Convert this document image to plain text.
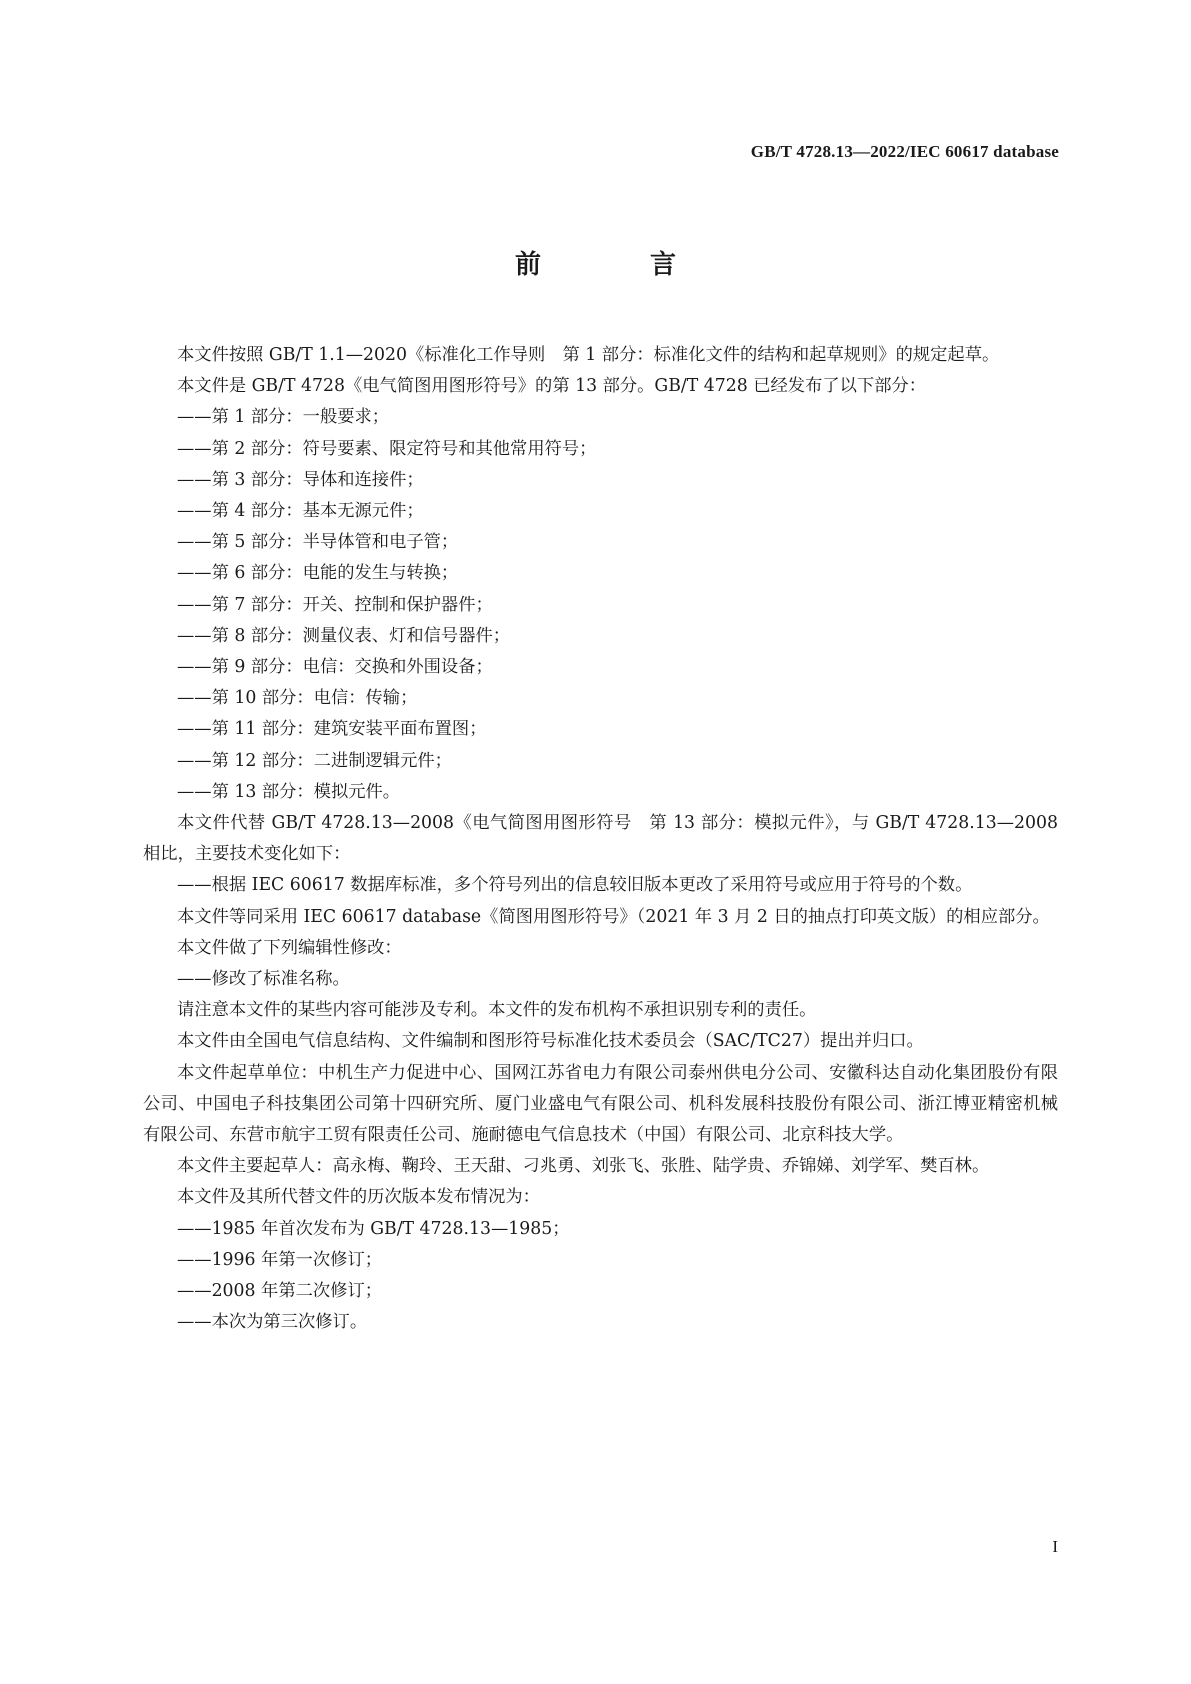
GB/T 4728.13—2022/IEC 60617 database
前 言

本文件按照 GB/T 1.1—2020《标准化工作导则　第 1 部分：标准化文件的结构和起草规则》的规定起草。

本文件是 GB/T 4728《电气简图用图形符号》的第 13 部分。GB/T 4728 已经发布了以下部分：

——第 1 部分：一般要求；

——第 2 部分：符号要素、限定符号和其他常用符号；

——第 3 部分：导体和连接件；

——第 4 部分：基本无源元件；

——第 5 部分：半导体管和电子管；

——第 6 部分：电能的发生与转换；

——第 7 部分：开关、控制和保护器件；

——第 8 部分：测量仪表、灯和信号器件；

——第 9 部分：电信：交换和外围设备；

——第 10 部分：电信：传输；

——第 11 部分：建筑安装平面布置图；

——第 12 部分：二进制逻辑元件；

——第 13 部分：模拟元件。

本文件代替 GB/T 4728.13—2008《电气简图用图形符号　第 13 部分：模拟元件》，与 GB/T 4728.13—2008 相比，主要技术变化如下：

——根据 IEC 60617 数据库标准，多个符号列出的信息较旧版本更改了采用符号或应用于符号的个数。

本文件等同采用 IEC 60617 database《简图用图形符号》（2021 年 3 月 2 日的抽点打印英文版）的相应部分。

本文件做了下列编辑性修改：

——修改了标准名称。

请注意本文件的某些内容可能涉及专利。本文件的发布机构不承担识别专利的责任。

本文件由全国电气信息结构、文件编制和图形符号标准化技术委员会（SAC/TC27）提出并归口。

本文件起草单位：中机生产力促进中心、国网江苏省电力有限公司泰州供电分公司、安徽科达自动化集团股份有限公司、中国电子科技集团公司第十四研究所、厦门业盛电气有限公司、机科发展科技股份有限公司、浙江博亚精密机械有限公司、东营市航宇工贸有限责任公司、施耐德电气信息技术（中国）有限公司、北京科技大学。

本文件主要起草人：高永梅、鞠玲、王天甜、刁兆勇、刘张飞、张胜、陆学贵、乔锦娣、刘学军、樊百林。

本文件及其所代替文件的历次版本发布情况为：

——1985 年首次发布为 GB/T 4728.13—1985；

——1996 年第一次修订；

——2008 年第二次修订；

——本次为第三次修订。

I
